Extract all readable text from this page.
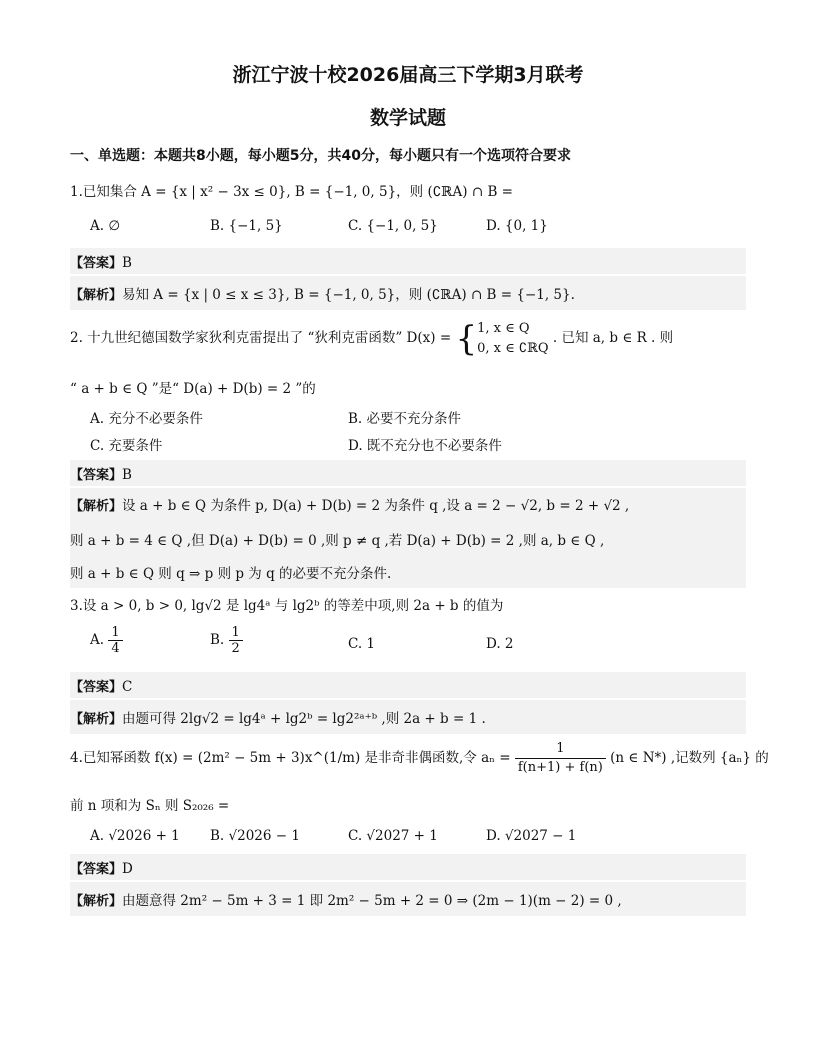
浙江宁波十校2026届高三下学期3月联考
数学试题
一、单选题：本题共8小题，每小题5分，共40分，每小题只有一个选项符合要求
1.已知集合 A = {x | x² − 3x ≤ 0}, B = {−1, 0, 5}，则 (∁ℝA) ∩ B =
A. ∅	B. {−1, 5}	C. {−1, 0, 5}	D. {0, 1}
【答案】B
【解析】易知 A = {x | 0 ≤ x ≤ 3}, B = {−1, 0, 5}，则 (∁ℝA) ∩ B = {−1, 5}.
2. 十九世纪德国数学家狄利克雷提出了 “狄利克雷函数” D(x) = { 1, x ∈ Q
0, x ∈ ∁ℝQ
. 已知 a, b ∈ R . 则
“ a + b ∈ Q ”是“ D(a) + D(b) = 2 ”的
A. 充分不必要条件	B. 必要不充分条件
C. 充要条件	D. 既不充分也不必要条件
【答案】B
【解析】设 a + b ∈ Q 为条件 p, D(a) + D(b) = 2 为条件 q ,设 a = 2 − √2, b = 2 + √2 ,
则 a + b = 4 ∈ Q ,但 D(a) + D(b) = 0 ,则 p ≠ q ,若 D(a) + D(b) = 2 ,则 a, b ∈ Q ,
则 a + b ∈ Q 则 q ⇒ p 则 p 为 q 的必要不充分条件.
3.设 a > 0, b > 0, lg√2 是 lg4ᵃ 与 lg2ᵇ 的等差中项,则 2a + b 的值为
A. $\frac{1}{4}$	B. $\frac{1}{2}$	C. 1	D. 2
【答案】C
【解析】由题可得 2lg√2 = lg4ᵃ + lg2ᵇ = lg2²ᵃ⁺ᵇ ,则 2a + b = 1 .
4.已知幂函数 f(x) = (2m² − 5m + 3)x^(1/m) 是非奇非偶函数,令 $a_n = \frac{1}{f(n+1) + f(n)} (n$ ∈ N*) ,记数列 {aₙ} 的
前 n 项和为 Sₙ 则 S₂₀₂₆ =
A. √2026 + 1 B. √2026 − 1	C. √2027 + 1	D. √2027 − 1
【答案】D
【解析】由题意得 2m² − 5m + 3 = 1 即 2m² − 5m + 2 = 0 ⇒ (2m − 1)(m − 2) = 0 ,
